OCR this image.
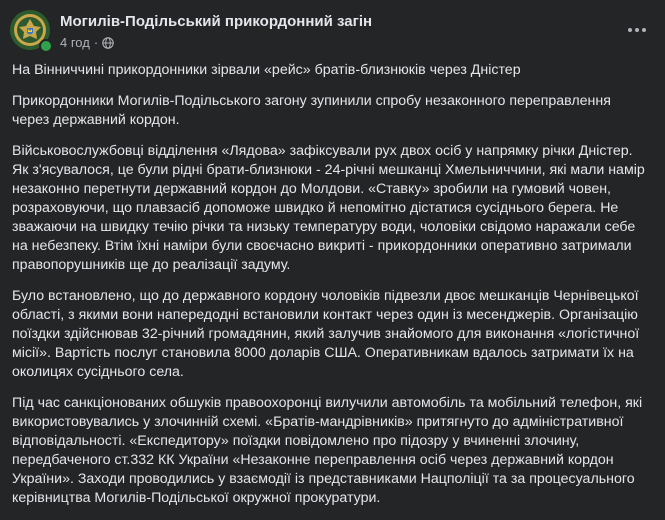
Могилів-Подільський прикордонний загін
4 год ·

На Вінниччині прикордонники зірвали «рейс» братів-близнюків через Дністер

Прикордонники Могилів-Подільського загону зупинили спробу незаконного переправлення через державний кордон.

Військовослужбовці відділення «Лядова» зафіксували рух двох осіб у напрямку річки Дністер. Як з'ясувалося, це були рідні брати-близнюки - 24-річні мешканці Хмельниччини, які мали намір незаконно перетнути державний кордон до Молдови. «Ставку» зробили на гумовий човен, розраховуючи, що плавзасіб допоможе швидко й непомітно дістатися сусіднього берега. Не зважаючи на швидку течію річки та низьку температуру води, чоловіки свідомо наражали себе на небезпеку. Втім їхні наміри були своєчасно викриті - прикордонники оперативно затримали правопорушників ще до реалізації задуму.

Було встановлено, що до державного кордону чоловіків підвезли двоє мешканців Чернівецької області, з якими вони напередодні встановили контакт через один із месенджерів. Організацію поїздки здійснював 32-річний громадянин, який залучив знайомого для виконання «логістичної місії». Вартість послуг становила 8000 доларів США. Оперативникам вдалось затримати їх на околицях сусіднього села.

Під час санкціонованих обшуків правоохоронці вилучили автомобіль та мобільний телефон, які використовувались у злочинній схемі. «Братів-мандрівників» притягнуто до адміністративної відповідальності. «Експедитору» поїздки повідомлено про підозру у вчиненні злочину, передбаченого ст.332 КК України «Незаконне переправлення осіб через державний кордон України». Заходи проводились у взаємодії із представниками Нацполіції та за процесуального керівництва Могилів-Подільської окружної прокуратури.
